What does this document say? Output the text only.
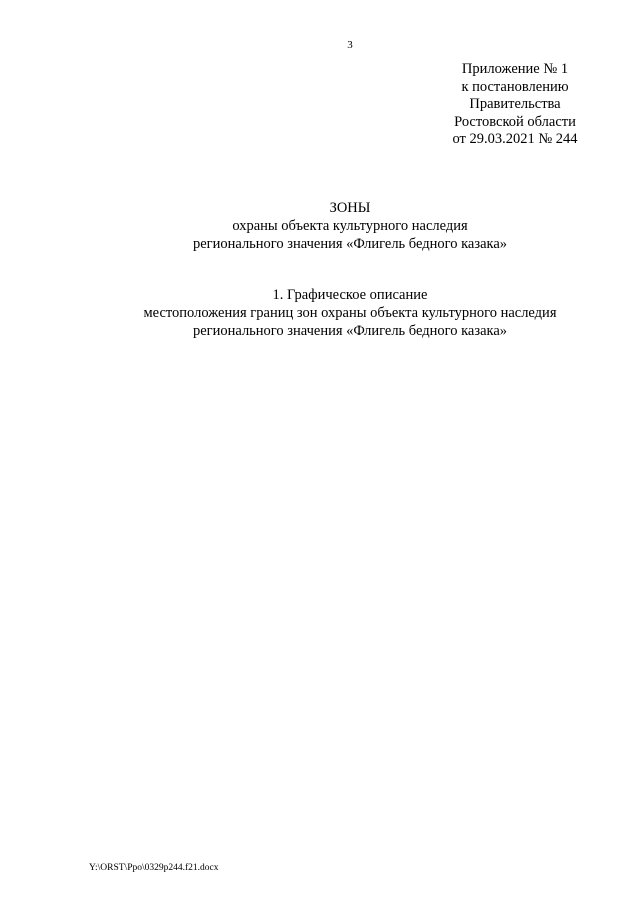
3
Приложение № 1
к постановлению
Правительства
Ростовской области
от 29.03.2021 № 244
ЗОНЫ
охраны объекта культурного наследия
регионального значения «Флигель бедного казака»
1. Графическое описание
местоположения границ зон охраны объекта культурного наследия
регионального значения «Флигель бедного казака»
Y:\ORST\Ppo\0329p244.f21.docx
